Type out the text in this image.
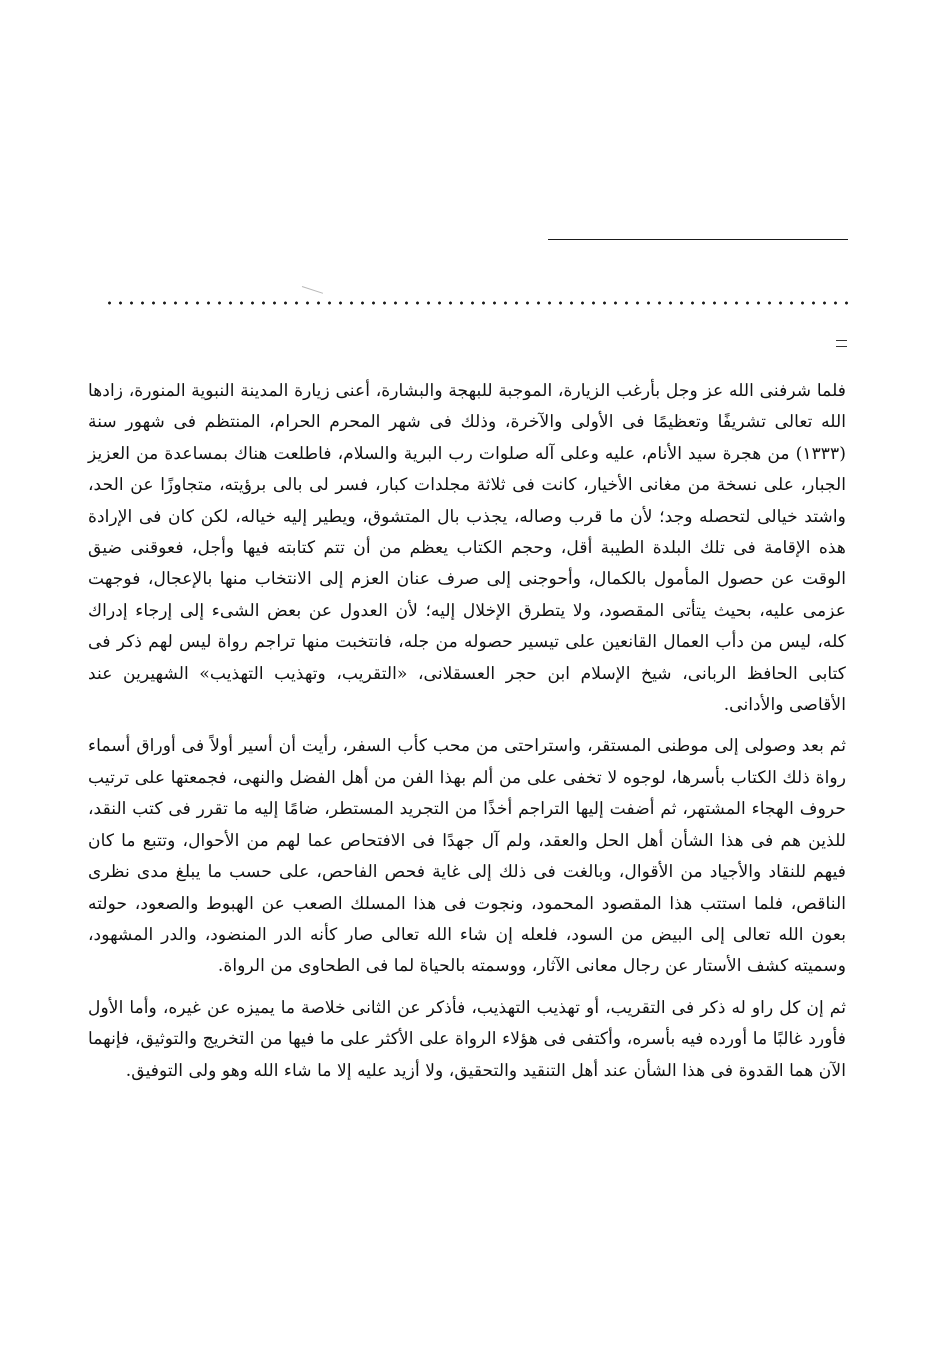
فلما شرفنى الله عز وجل بأرغب الزيارة، الموجبة للبهجة والبشارة، أعنى زيارة المدينة النبوية المنورة، زادها الله تعالى تشريفًا وتعظيمًا فى الأولى والآخرة، وذلك فى شهر المحرم الحرام، المنتظم فى شهور سنة (١٣٣٣) من هجرة سيد الأنام، عليه وعلى آله صلوات رب البرية والسلام، فاطلعت هناك بمساعدة من العزيز الجبار، على نسخة من مغانى الأخيار، كانت فى ثلاثة مجلدات كبار، فسر لى بالى برؤيته، متجاوزًا عن الحد، واشتد خيالى لتحصله وجد؛ لأن ما قرب وصاله، يجذب بال المتشوق، ويطير إليه خياله، لكن كان فى الإرادة هذه الإقامة فى تلك البلدة الطيبة أقل، وحجم الكتاب يعظم من أن تتم كتابته فيها وأجل، فعوقنى ضيق الوقت عن حصول المأمول بالكمال، وأحوجنى إلى صرف عنان العزم إلى الانتخاب منها بالإعجال، فوجهت عزمى عليه، بحيث يتأتى المقصود، ولا يتطرق الإخلال إليه؛ لأن العدول عن بعض الشىء إلى إرجاء إدراك كله، ليس من دأب العمال القانعين على تيسير حصوله من جله، فانتخبت منها تراجم رواة ليس لهم ذكر فى كتابى الحافظ الربانى، شيخ الإسلام ابن حجر العسقلانى، «التقريب، وتهذيب التهذيب» الشهيرين عند الأقاصى والأدانى.

ثم بعد وصولى إلى موطنى المستقر، واستراحتى من محب كأب السفر، رأيت أن أسير أولاً فى أوراق أسماء رواة ذلك الكتاب بأسرها، لوجوه لا تخفى على من ألم بهذا الفن من أهل الفضل والنهى، فجمعتها على ترتيب حروف الهجاء المشتهر، ثم أضفت إليها التراجم أخذًا من التجريد المستطر، ضامًا إليه ما تقرر فى كتب النقد، للذين هم فى هذا الشأن أهل الحل والعقد، ولم آل جهدًا فى الافتحاص عما لهم من الأحوال، وتتبع ما كان فيهم للنقاد والأجياد من الأقوال، وبالغت فى ذلك إلى غاية فحص الفاحص، على حسب ما يبلغ مدى نظرى الناقص، فلما استتب هذا المقصود المحمود، ونجوت فى هذا المسلك الصعب عن الهبوط والصعود، حولته بعون الله تعالى إلى البيض من السود، فلعله إن شاء الله تعالى صار كأنه الدر المنضود، والدر المشهود، وسميته كشف الأستار عن رجال معانى الآثار، ووسمته بالحياة لما فى الطحاوى من الرواة.

ثم إن كل راو له ذكر فى التقريب، أو تهذيب التهذيب، فأذكر عن الثانى خلاصة ما يميزه عن غيره، وأما الأول فأورد غالبًا ما أورده فيه بأسره، وأكتفى فى هؤلاء الرواة على الأكثر على ما فيها من التخريج والتوثيق، فإنهما الآن هما القدوة فى هذا الشأن عند أهل التنقيد والتحقيق، ولا أزيد عليه إلا ما شاء الله وهو ولى التوفيق.
